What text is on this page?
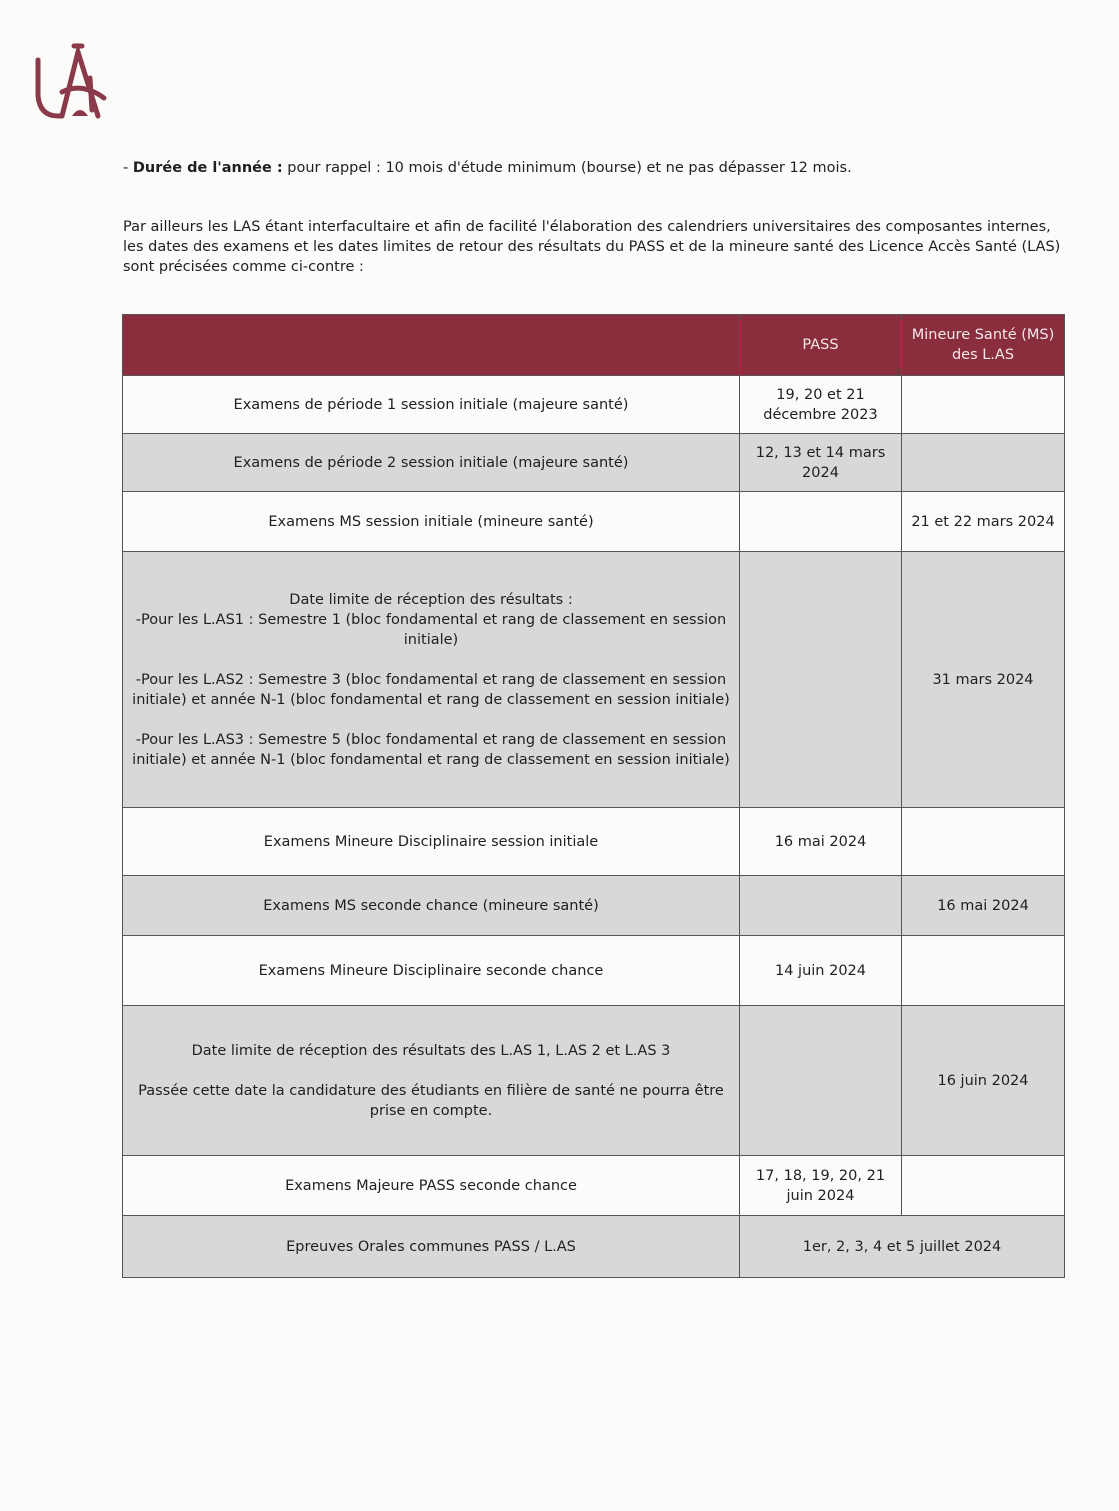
- Durée de l'année : pour rappel : 10 mois d'étude minimum (bourse) et ne pas dépasser 12 mois.
Par ailleurs les LAS étant interfacultaire et afin de facilité l'élaboration des calendriers universitaires des composantes internes, les dates des examens et les dates limites de retour des résultats du PASS et de la mineure santé des Licence Accès Santé (LAS) sont précisées comme ci-contre :
	PASS	Mineure Santé (MS) des L.AS
Examens de période 1 session initiale (majeure santé)	19, 20 et 21 décembre 2023	
Examens de période 2 session initiale (majeure santé)	12, 13 et 14 mars 2024	
Examens MS session initiale (mineure santé)		21 et 22 mars 2024

Date limite de réception des résultats :
-Pour les L.AS1 : Semestre 1 (bloc fondamental et rang de classement en session initiale)
-Pour les L.AS2 : Semestre 3 (bloc fondamental et rang de classement en session initiale) et année N-1 (bloc fondamental et rang de classement en session initiale)
-Pour les L.AS3 : Semestre 5 (bloc fondamental et rang de classement en session initiale) et année N-1 (bloc fondamental et rang de classement en session initiale)		31 mars 2024
Examens Mineure Disciplinaire session initiale	16 mai 2024	
Examens MS seconde chance (mineure santé)		16 mai 2024
Examens Mineure Disciplinaire seconde chance	14 juin 2024	

Date limite de réception des résultats des L.AS 1, L.AS 2 et L.AS 3
Passée cette date la candidature des étudiants en filière de santé ne pourra être prise en compte.		16 juin 2024
Examens Majeure PASS seconde chance	17, 18, 19, 20, 21 juin 2024	
Epreuves Orales communes PASS / L.AS	1er, 2, 3, 4 et 5 juillet 2024	
